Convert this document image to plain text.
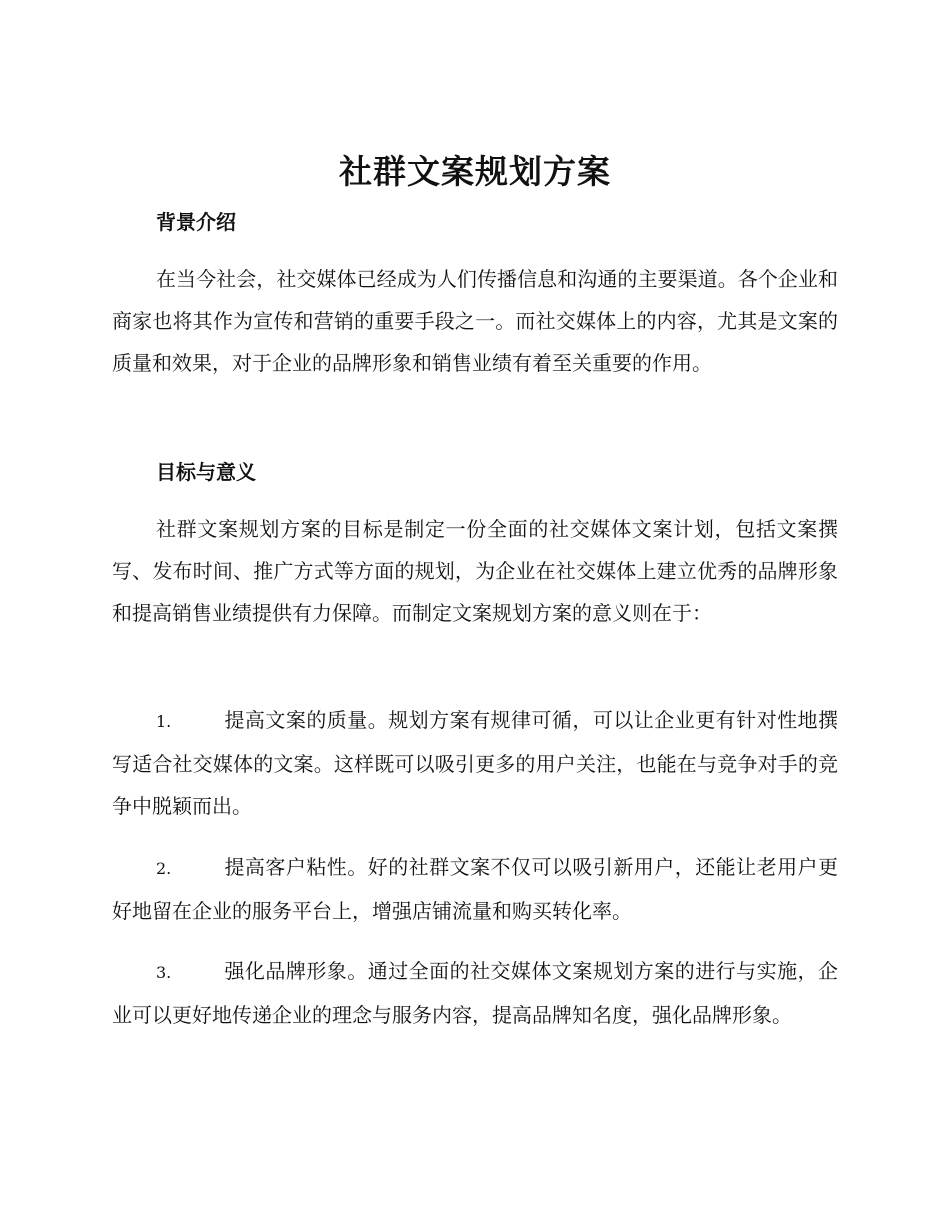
社群文案规划方案
背景介绍

在当今社会，社交媒体已经成为人们传播信息和沟通的主要渠道。各个企业和商家也将其作为宣传和营销的重要手段之一。而社交媒体上的内容，尤其是文案的质量和效果，对于企业的品牌形象和销售业绩有着至关重要的作用。

目标与意义

社群文案规划方案的目标是制定一份全面的社交媒体文案计划，包括文案撰写、发布时间、推广方式等方面的规划，为企业在社交媒体上建立优秀的品牌形象和提高销售业绩提供有力保障。而制定文案规划方案的意义则在于：

1.	提高文案的质量。规划方案有规律可循，可以让企业更有针对性地撰写适合社交媒体的文案。这样既可以吸引更多的用户关注，也能在与竞争对手的竞争中脱颖而出。

2.	提高客户粘性。好的社群文案不仅可以吸引新用户，还能让老用户更好地留在企业的服务平台上，增强店铺流量和购买转化率。

3.	强化品牌形象。通过全面的社交媒体文案规划方案的进行与实施，企业可以更好地传递企业的理念与服务内容，提高品牌知名度，强化品牌形象。
